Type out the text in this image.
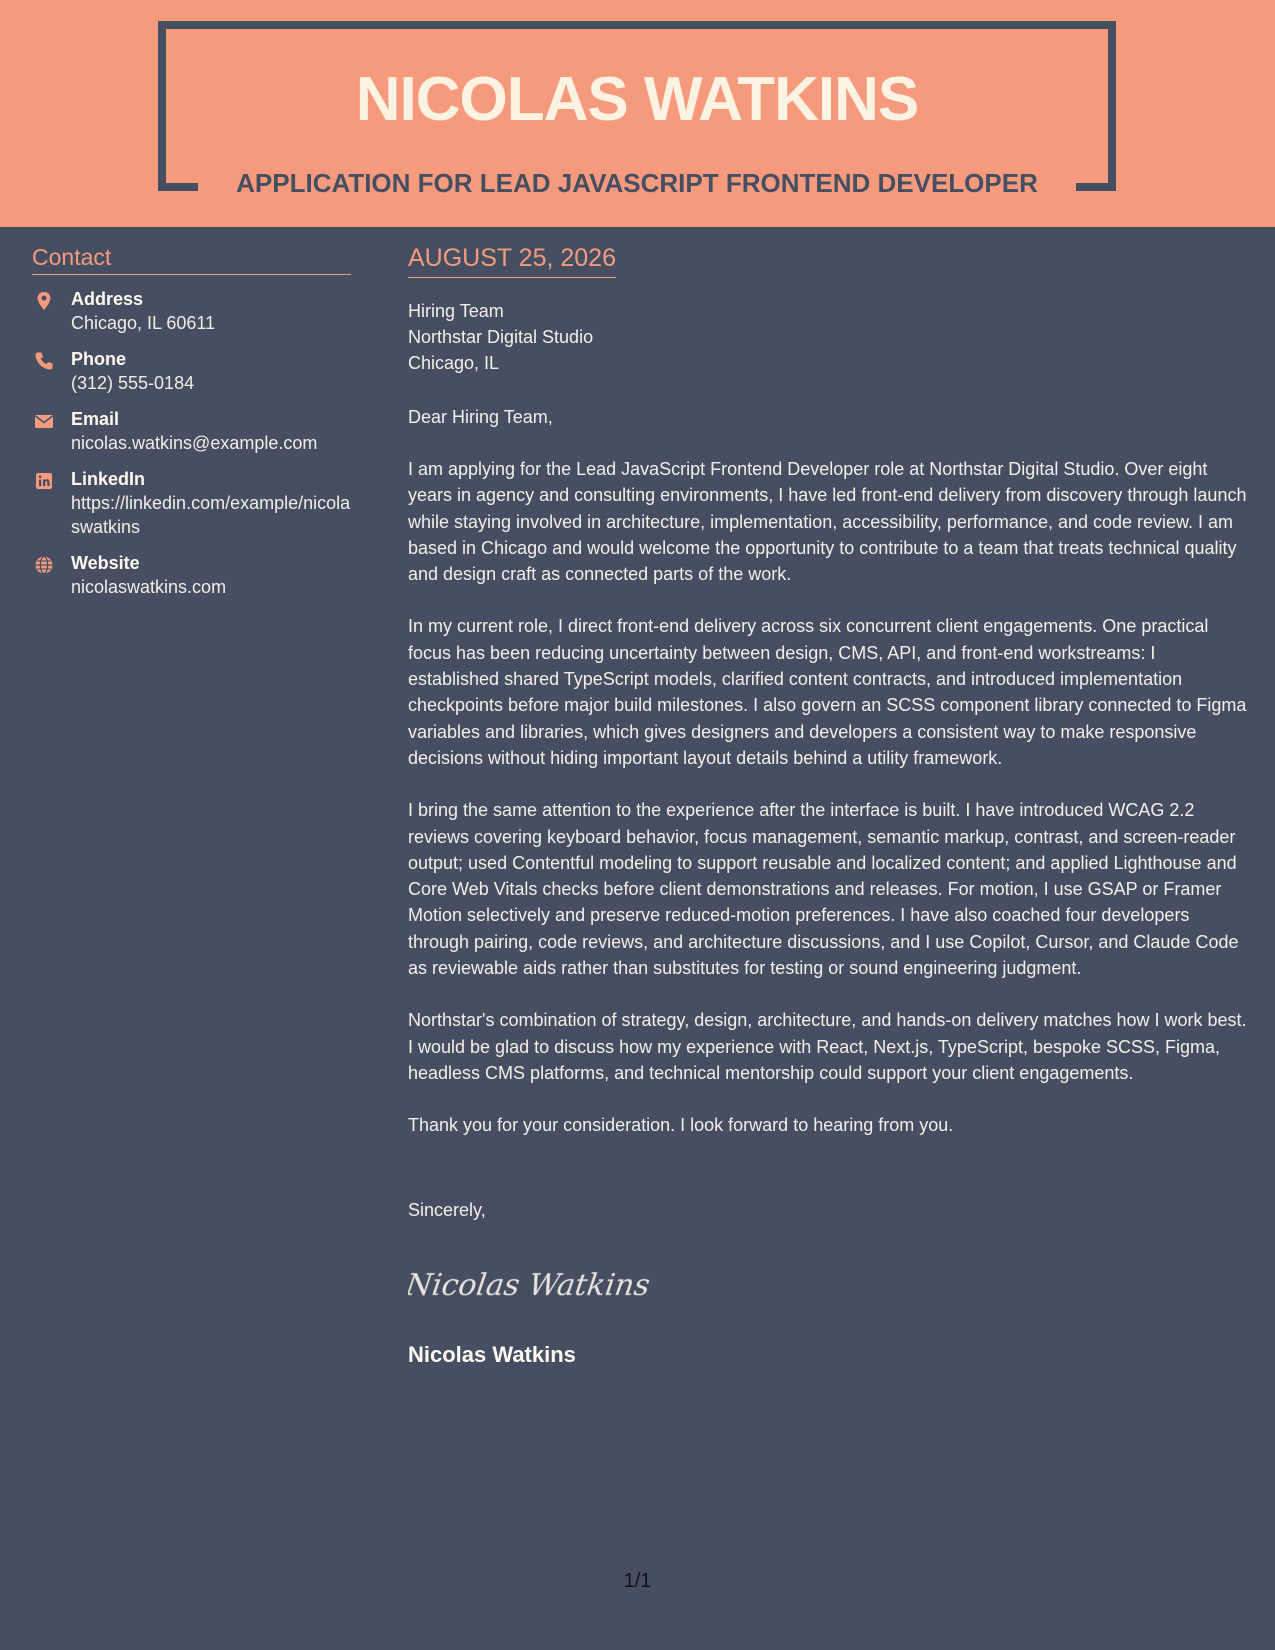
NICOLAS WATKINS
APPLICATION FOR LEAD JAVASCRIPT FRONTEND DEVELOPER
Contact
Address
Chicago, IL 60611
Phone
(312) 555-0184
Email
nicolas.watkins@example.com
LinkedIn
https://linkedin.com/example/nicolaswatkins
Website
nicolaswatkins.com
AUGUST 25, 2026
Hiring Team
Northstar Digital Studio
Chicago, IL
Dear Hiring Team,
I am applying for the Lead JavaScript Frontend Developer role at Northstar Digital Studio. Over eight years in agency and consulting environments, I have led front-end delivery from discovery through launch while staying involved in architecture, implementation, accessibility, performance, and code review. I am based in Chicago and would welcome the opportunity to contribute to a team that treats technical quality and design craft as connected parts of the work.
In my current role, I direct front-end delivery across six concurrent client engagements. One practical focus has been reducing uncertainty between design, CMS, API, and front-end workstreams: I established shared TypeScript models, clarified content contracts, and introduced implementation checkpoints before major build milestones. I also govern an SCSS component library connected to Figma variables and libraries, which gives designers and developers a consistent way to make responsive decisions without hiding important layout details behind a utility framework.
I bring the same attention to the experience after the interface is built. I have introduced WCAG 2.2 reviews covering keyboard behavior, focus management, semantic markup, contrast, and screen-reader output; used Contentful modeling to support reusable and localized content; and applied Lighthouse and Core Web Vitals checks before client demonstrations and releases. For motion, I use GSAP or Framer Motion selectively and preserve reduced-motion preferences. I have also coached four developers through pairing, code reviews, and architecture discussions, and I use Copilot, Cursor, and Claude Code as reviewable aids rather than substitutes for testing or sound engineering judgment.
Northstar's combination of strategy, design, architecture, and hands-on delivery matches how I work best. I would be glad to discuss how my experience with React, Next.js, TypeScript, bespoke SCSS, Figma, headless CMS platforms, and technical mentorship could support your client engagements.
Thank you for your consideration. I look forward to hearing from you.
Sincerely,
Nicolas Watkins
Nicolas Watkins
1/1
